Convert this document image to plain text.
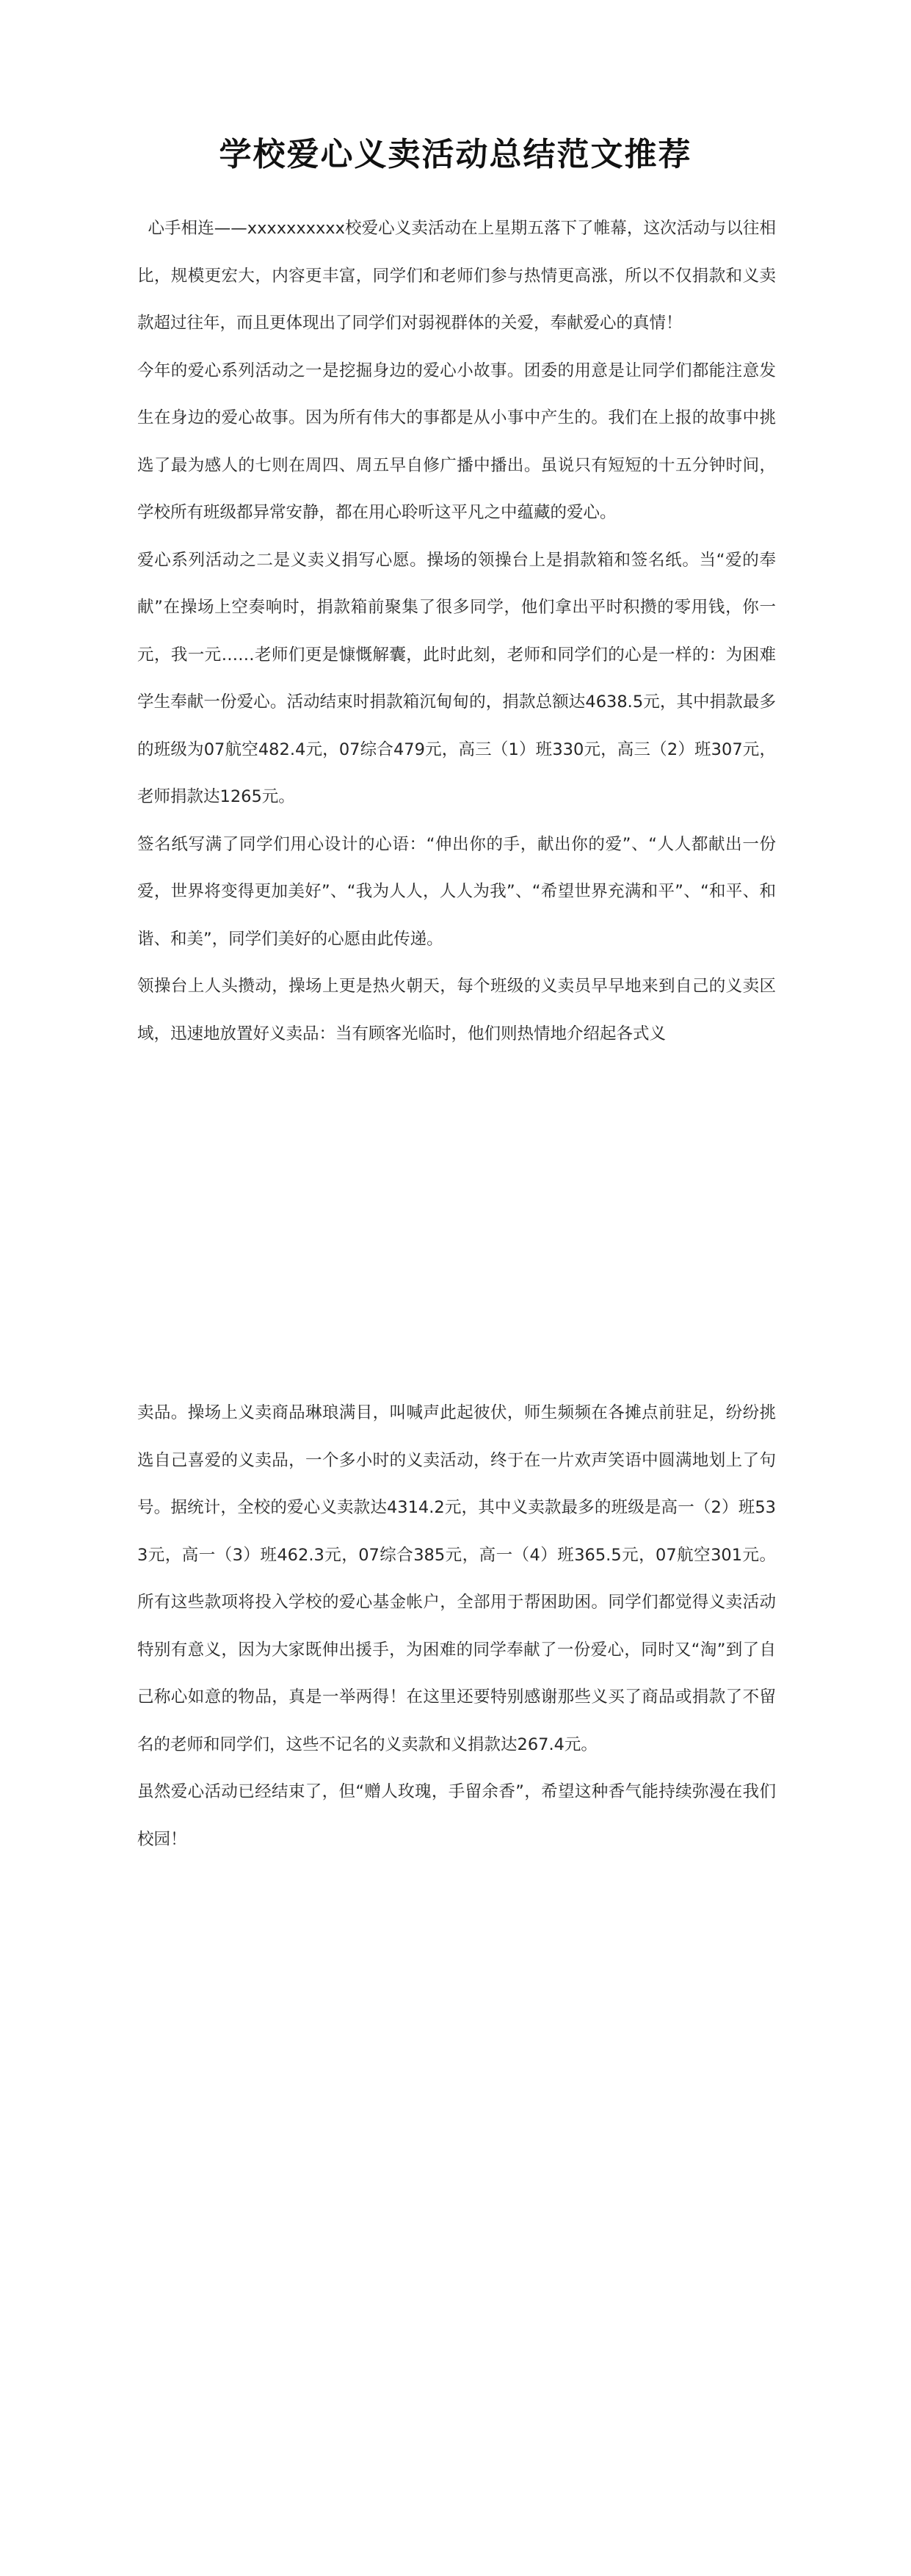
学校爱心义卖活动总结范文推荐

心手相连——xxxxxxxxxx校爱心义卖活动在上星期五落下了帷幕，这次活动与以往相比，规模更宏大，内容更丰富，同学们和老师们参与热情更高涨，所以不仅捐款和义卖款超过往年，而且更体现出了同学们对弱视群体的关爱，奉献爱心的真情！

今年的爱心系列活动之一是挖掘身边的爱心小故事。团委的用意是让同学们都能注意发生在身边的爱心故事。因为所有伟大的事都是从小事中产生的。我们在上报的故事中挑选了最为感人的七则在周四、周五早自修广播中播出。虽说只有短短的十五分钟时间，学校所有班级都异常安静，都在用心聆听这平凡之中蕴藏的爱心。

爱心系列活动之二是义卖义捐写心愿。操场的领操台上是捐款箱和签名纸。当“爱的奉献”在操场上空奏响时，捐款箱前聚集了很多同学，他们拿出平时积攒的零用钱，你一元，我一元……老师们更是慷慨解囊，此时此刻，老师和同学们的心是一样的：为困难学生奉献一份爱心。活动结束时捐款箱沉甸甸的，捐款总额达4638.5元，其中捐款最多的班级为07航空482.4元，07综合479元，高三（1）班330元，高三（2）班307元，老师捐款达1265元。

签名纸写满了同学们用心设计的心语：“伸出你的手，献出你的爱”、“人人都献出一份爱，世界将变得更加美好”、“我为人人，人人为我”、“希望世界充满和平”、“和平、和谐、和美”，同学们美好的心愿由此传递。

领操台上人头攒动，操场上更是热火朝天，每个班级的义卖员早早地来到自己的义卖区域，迅速地放置好义卖品：当有顾客光临时，他们则热情地介绍起各式义

卖品。操场上义卖商品琳琅满目，叫喊声此起彼伏，师生频频在各摊点前驻足，纷纷挑选自己喜爱的义卖品，一个多小时的义卖活动，终于在一片欢声笑语中圆满地划上了句号。据统计，全校的爱心义卖款达4314.2元，其中义卖款最多的班级是高一（2）班533元，高一（3）班462.3元，07综合385元，高一（4）班365.5元，07航空301元。所有这些款项将投入学校的爱心基金帐户，全部用于帮困助困。同学们都觉得义卖活动特别有意义，因为大家既伸出援手，为困难的同学奉献了一份爱心，同时又“淘”到了自己称心如意的物品，真是一举两得！在这里还要特别感谢那些义买了商品或捐款了不留名的老师和同学们，这些不记名的义卖款和义捐款达267.4元。

虽然爱心活动已经结束了，但“赠人玫瑰，手留余香”，希望这种香气能持续弥漫在我们校园！
